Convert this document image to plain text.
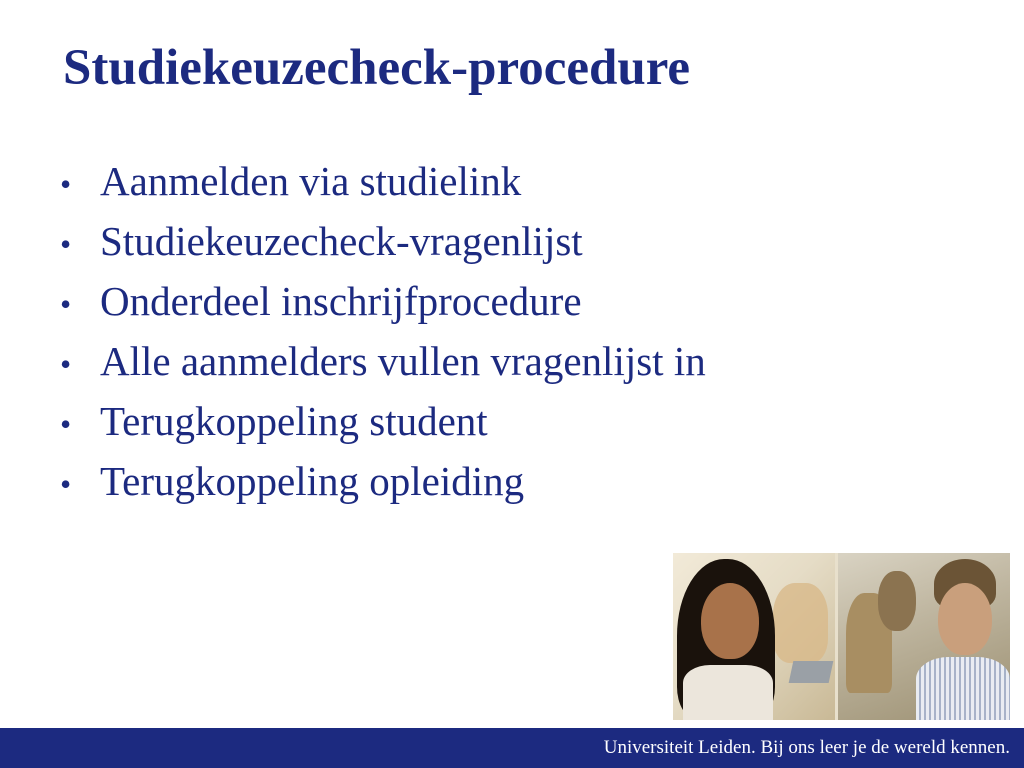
Studiekeuzecheck-procedure
• Aanmelden via studielink
• Studiekeuzecheck-vragenlijst
• Onderdeel inschrijfprocedure
• Alle aanmelders vullen vragenlijst in
• Terugkoppeling student
• Terugkoppeling opleiding
Universiteit Leiden. Bij ons leer je de wereld kennen.
